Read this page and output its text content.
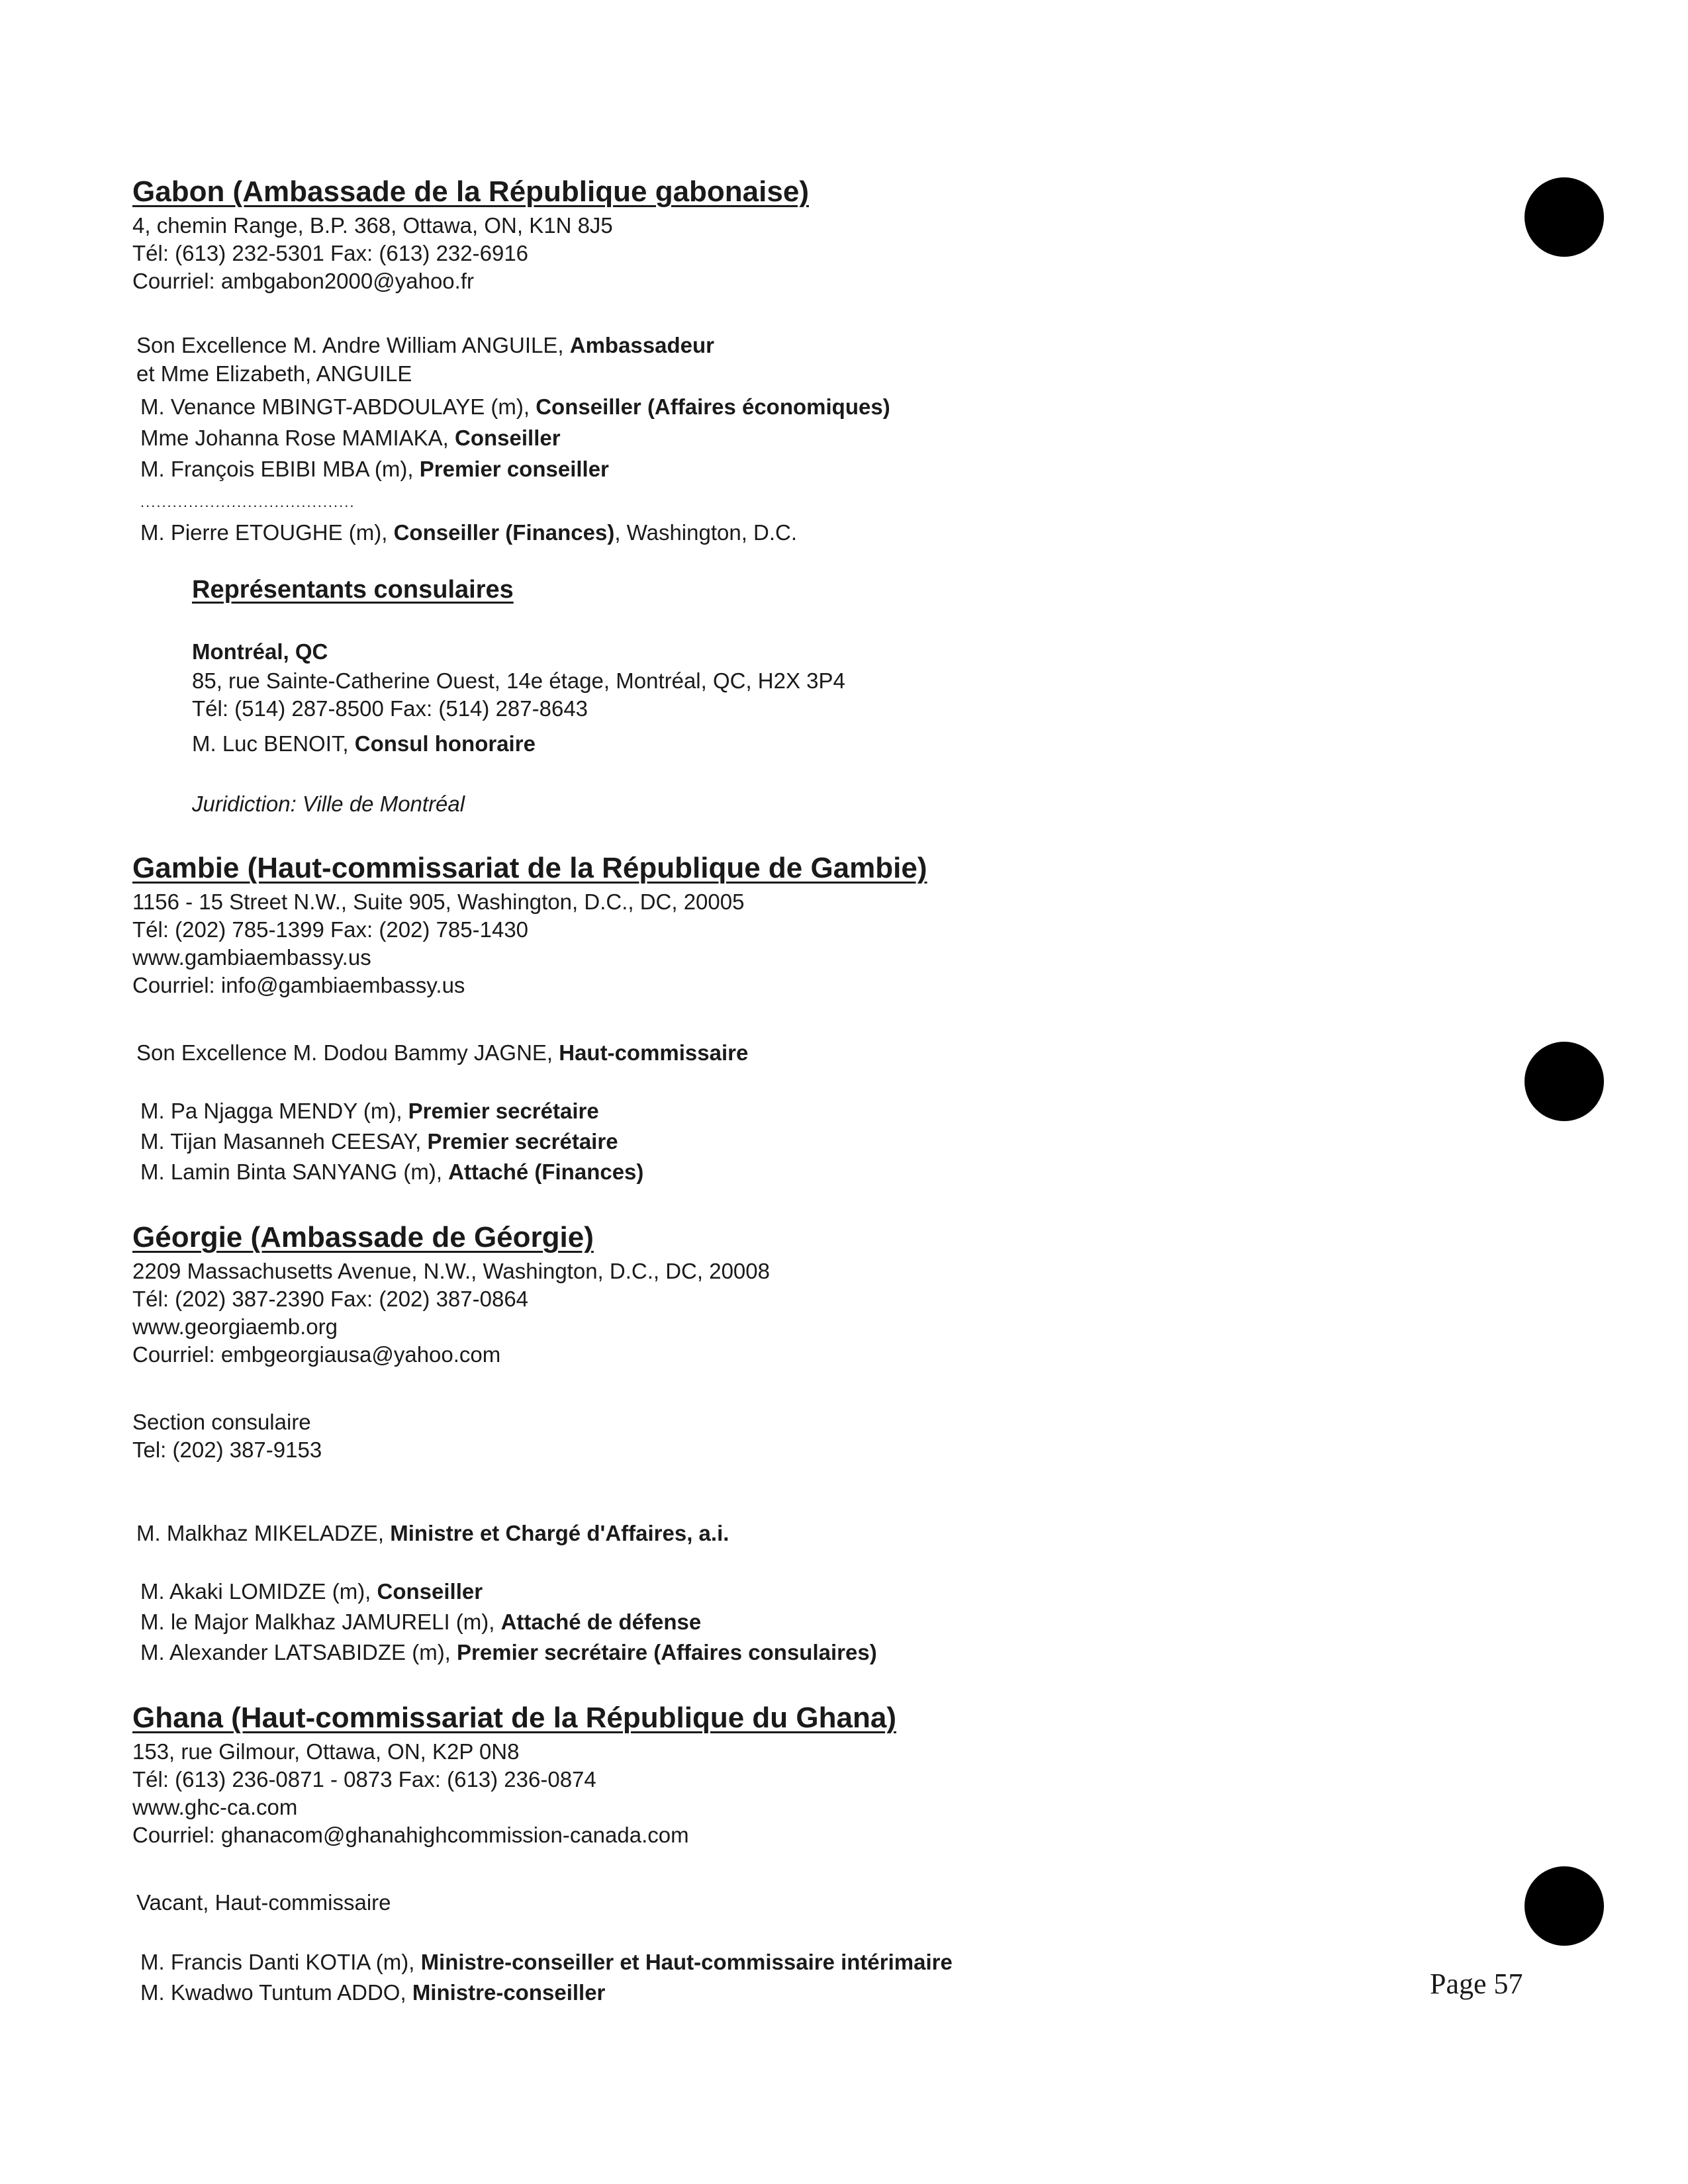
Gabon (Ambassade de la République gabonaise)
4, chemin Range, B.P. 368, Ottawa, ON, K1N 8J5
Tél: (613) 232-5301 Fax: (613) 232-6916
Courriel: ambgabon2000@yahoo.fr
Son Excellence M. Andre William ANGUILE, Ambassadeur
et Mme Elizabeth, ANGUILE
M. Venance MBINGT-ABDOULAYE (m), Conseiller (Affaires économiques)
Mme Johanna Rose MAMIAKA, Conseiller
M. François EBIBI MBA (m), Premier conseiller
........................................
M. Pierre ETOUGHE (m), Conseiller (Finances), Washington, D.C.
Représentants consulaires
Montréal, QC
85, rue Sainte-Catherine Ouest, 14e étage, Montréal, QC, H2X 3P4
Tél: (514) 287-8500 Fax: (514) 287-8643
M. Luc BENOIT, Consul honoraire
Juridiction: Ville de Montréal
Gambie (Haut-commissariat de la République de Gambie)
1156 - 15 Street N.W., Suite 905, Washington, D.C., DC, 20005
Tél: (202) 785-1399 Fax: (202) 785-1430
www.gambiaembassy.us
Courriel: info@gambiaembassy.us
Son Excellence M. Dodou Bammy JAGNE, Haut-commissaire
M. Pa Njagga MENDY (m), Premier secrétaire
M. Tijan Masanneh CEESAY, Premier secrétaire
M. Lamin Binta SANYANG (m), Attaché (Finances)
Géorgie (Ambassade de Géorgie)
2209 Massachusetts Avenue, N.W., Washington, D.C., DC, 20008
Tél: (202) 387-2390 Fax: (202) 387-0864
www.georgiaemb.org
Courriel: embgeorgiausa@yahoo.com
Section consulaire
Tel: (202) 387-9153
M. Malkhaz MIKELADZE, Ministre et Chargé d'Affaires, a.i.
M. Akaki LOMIDZE (m), Conseiller
M. le Major Malkhaz JAMURELI (m), Attaché de défense
M. Alexander LATSABIDZE (m), Premier secrétaire (Affaires consulaires)
Ghana (Haut-commissariat de la République du Ghana)
153, rue Gilmour, Ottawa, ON, K2P 0N8
Tél: (613) 236-0871 - 0873 Fax: (613) 236-0874
www.ghc-ca.com
Courriel: ghanacom@ghanahighcommission-canada.com
Vacant, Haut-commissaire
M. Francis Danti KOTIA (m), Ministre-conseiller et Haut-commissaire intérimaire
M. Kwadwo Tuntum ADDO, Ministre-conseiller	Page 57
